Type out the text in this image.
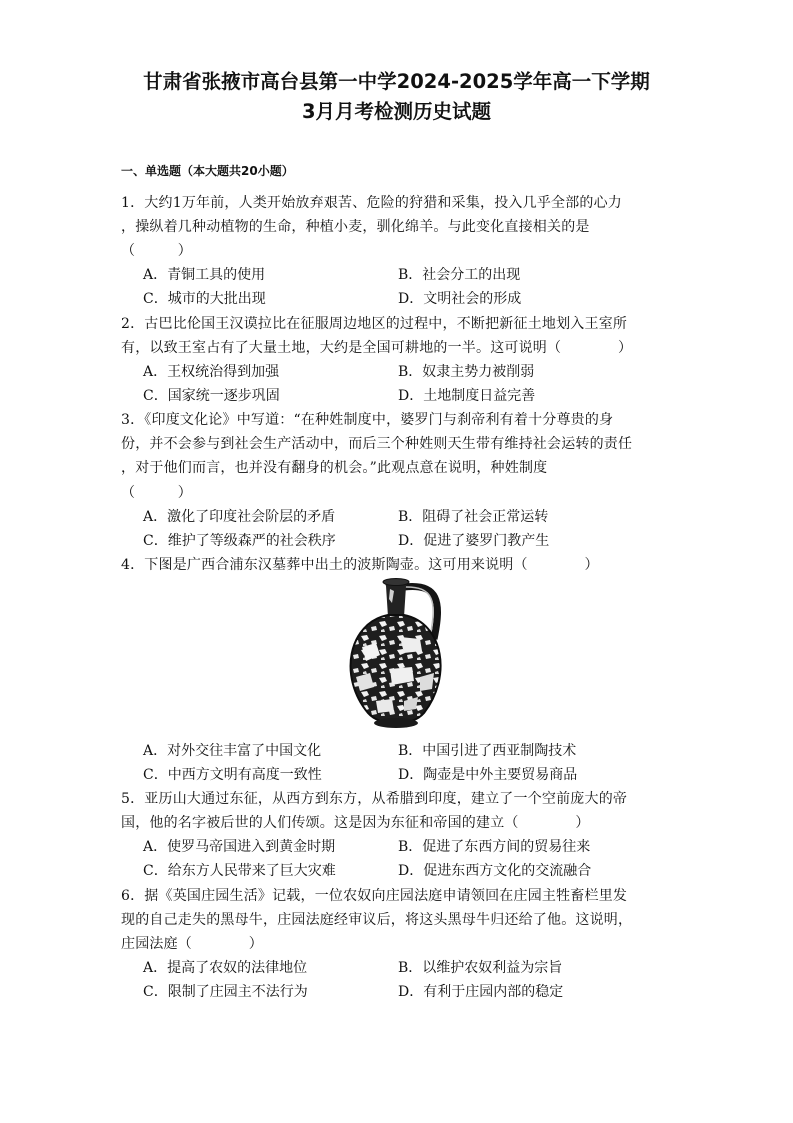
甘肃省张掖市高台县第一中学2024-2025学年高一下学期
3月月考检测历史试题
一、单选题（本大题共20小题）
1．大约1万年前，人类开始放弃艰苦、危险的狩猎和采集，投入几乎全部的心力
，操纵着几种动植物的生命，种植小麦，驯化绵羊。与此变化直接相关的是
（　　　）
A．青铜工具的使用	B．社会分工的出现
C．城市的大批出现	D．文明社会的形成
2．古巴比伦国王汉谟拉比在征服周边地区的过程中，不断把新征土地划入王室所
有，以致王室占有了大量土地，大约是全国可耕地的一半。这可说明（　　　　）
A．王权统治得到加强	B．奴隶主势力被削弱
C．国家统一逐步巩固	D．土地制度日益完善
3．《印度文化论》中写道：“在种姓制度中，婆罗门与刹帝利有着十分尊贵的身
份，并不会参与到社会生产活动中，而后三个种姓则天生带有维持社会运转的责任
，对于他们而言，也并没有翻身的机会。”此观点意在说明，种姓制度
（　　　）
A．激化了印度社会阶层的矛盾	B．阻碍了社会正常运转
C．维护了等级森严的社会秩序	D．促进了婆罗门教产生
4．下图是广西合浦东汉墓葬中出土的波斯陶壶。这可用来说明（　　　　）
A．对外交往丰富了中国文化	B．中国引进了西亚制陶技术
C．中西方文明有高度一致性	D．陶壶是中外主要贸易商品
5．亚历山大通过东征，从西方到东方，从希腊到印度，建立了一个空前庞大的帝
国，他的名字被后世的人们传颂。这是因为东征和帝国的建立（　　　　）
A．使罗马帝国进入到黄金时期	B．促进了东西方间的贸易往来
C．给东方人民带来了巨大灾难	D．促进东西方文化的交流融合
6．据《英国庄园生活》记载，一位农奴向庄园法庭申请领回在庄园主牲畜栏里发
现的自己走失的黑母牛，庄园法庭经审议后，将这头黑母牛归还给了他。这说明，
庄园法庭（　　　　）
A．提高了农奴的法律地位	B．以维护农奴利益为宗旨
C．限制了庄园主不法行为	D．有利于庄园内部的稳定
